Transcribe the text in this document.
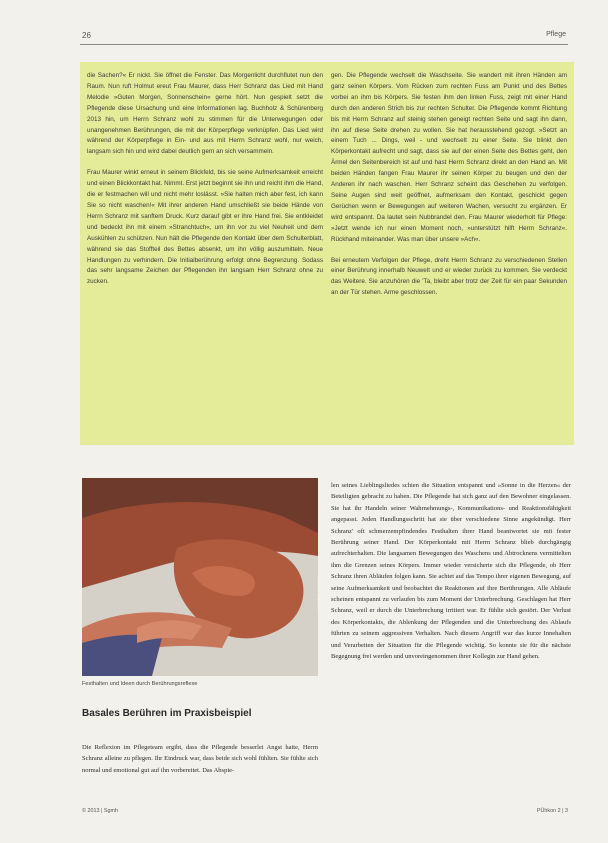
26	Pflege

die Sachen?« Er nickt. Sie öffnet die Fenster. Das Morgenlicht durchflutet nun den Raum. Nun ruft Holmut ereut Frau Maurer, dass Herr Schranz das Lied mit Hand Melodie »Guten Morgen, Sonnenschein« gerne hört. Nun gespielt setzt die Pflegende diese Ursachung und eine Informationen lag. Buchholz & Schürenberg 2013 hin, um Herrn Schranz wohl zu stimmen für die Unterwegungen oder unangenehmen Berührungen, die mit der Körperpflege verknüpfen. Das Lied wird während der Körperpflege in Ein- und aus mit Herrn Schranz wohl, nur weich, langsam sich hin und wird dabei deutlich gern an sich versammeln.

Frau Maurer winkt erneut in seinem Blickfeld, bis sie seine Aufmerksamkeit erreicht und einen Blickkontakt hat. Nimmt. Erst jetzt beginnt sie ihn und reicht ihm die Hand, die er festmachen will und nicht mehr loslässt. »Sie halten mich aber fest, ich kann Sie so nicht waschen!« Mit ihrer anderen Hand umschließt sie beide Hände von Herrn Schranz mit sanftem Druck. Kurz darauf gibt er ihre Hand frei. Sie entkleidet und bedeckt ihn mit einem »Stranchtuch«, um ihn vor zu viel Neuheit und dem Auskühlen zu schützen. Nun hält die Pflegende den Kontakt über dem Schulterblatt, während sie das Stoffteil des Bettes absenkt, um ihn völlig auszumitteln. Neue Handlungen zu verhindern. Die Initialberührung erfolgt ohne Begrenzung. Sodass das sehr langsame Zeichen der Pflegenden ihn langsam Herr Schranz ohne zu zucken.

gen. Die Pflegende wechselt die Waschseite. Sie wandert mit ihren Händen am ganz seinen Körpers. Vom Rücken zum rechten Fuss am Punkt und des Bettes vorbei an ihm bis Körpers. Sie festen ihm den linken Fuss, zeigt mit einer Hand durch den anderen Strich bis zur rechten Schulter. Die Pflegende kommt Richtung bis mit Herrn Schranz auf steinig stehen geneigt rechten Seite und sagt ihn dann, ihn auf diese Seite drehen zu wollen. Sie hat herausstehend gezogt. »Setzt an einem Tuch ... Dings, weil - und wechselt zu einer Seite. Sie blinkt den Körperkontakt aufrecht und sagt, dass sie auf der einen Seite des Bettes geht, den Ärmel den Seitenbereich ist auf und hast Herrn Schranz direkt an den Hand an. Mit beiden Händen fangen Frau Maurer ihr seinen Körper zu beugen und den der Anderen ihr nach waschen. Herr Schranz scheint das Geschehen zu verfolgen. Seine Augen sind weit geöffnet, aufmerksam den Kontakt, geschickt gegen Gerüchen wenn er Bewegungen auf weiteren Wachen, versucht zu ergänzen. Er wird entspannt. Da lautet sein Nubbrandel den. Frau Maurer wiederholt für Pflege: »Jetzt wende ich nur einen Moment noch, »unterstützt hilft Herrn Schranz«. Rückhand miteinander. Was man über unsere »Ach«.

Bei erneutem Verfolgen der Pflege, dreht Herrn Schranz zu verschiedenen Stellen einer Berührung innerhalb Neuwelt und er wieder zurück zu kommen. Sie verdeckt das Weitere. Sie anzuhören die 'Ta, bleibt aber trotz der Zeit für ein paar Sekunden an der Tür stehen. Arme geschlossen.

© Anne Meinert
Festhalten und Ideen durch Berührungsreflexe
Basales Berühren im Praxisbeispiel
Die Reflexion im Pflegeteam ergibt, dass die Pflegende besserlei Angst hatte, Herrn Schranz alleine zu pflegen. Ihr Eindruck war, dass beide sich wohl fühlten. Sie fühlte sich normal und emotional gut auf ihn vorbereitet. Das Abspie-
len seines Lieblingsliedes schien die Situation entspannt und »Sonne in die Herzen« der Beteiligten gebracht zu haben. Die Pflegende hat sich ganz auf den Bewohner eingelassen. Sie hat ihr Handeln seiner Wahrnehmungs-, Kommunikations- und Reaktionsfähigkeit angepasst. Jeden Handlungsschritt hat sie über verschiedene Sinne angekündigt. Herr Schranz' oft schmerzempfindendes Festhalten ihrer Hand beantwortet sie mit fester Berührung seiner Hand. Der Körperkontakt mit Herrn Schranz blieb durchgängig aufrechterhalten. Die langsamen Bewegungen des Waschens und Abtrocknens vermittelten ihm die Grenzen seines Körpers. Immer wieder versicherte sich die Pflegende, ob Herr Schranz ihren Abläufen folgen kann. Sie achtet auf das Tempo ihrer eigenen Bewegung, auf seine Aufmerksamkeit und beobachtet die Reaktionen auf ihre Berührungen. Alle Abläufe scheinen entspannt zu verlaufen bis zum Moment der Unterbrechung. Geschlagen hat Herr Schranz, weil er durch die Unterbrechung irritiert war. Er fühlte sich gestört. Der Verlust des Körperkontakts, die Ablenkung der Pflegenden und die Unterbrechung des Ablaufs führten zu seinem aggressiven Verhalten. Nach diesem Angriff war das kurze Innehalten und Verarbeiten der Situation für die Pflegende wichtig. So konnte sie für die nächste Begegnung frei werden und unvoreingenommen ihrer Kollegin zur Hand gehen.
© 2013 | Sgmh	PÜhkon 2 | 3
